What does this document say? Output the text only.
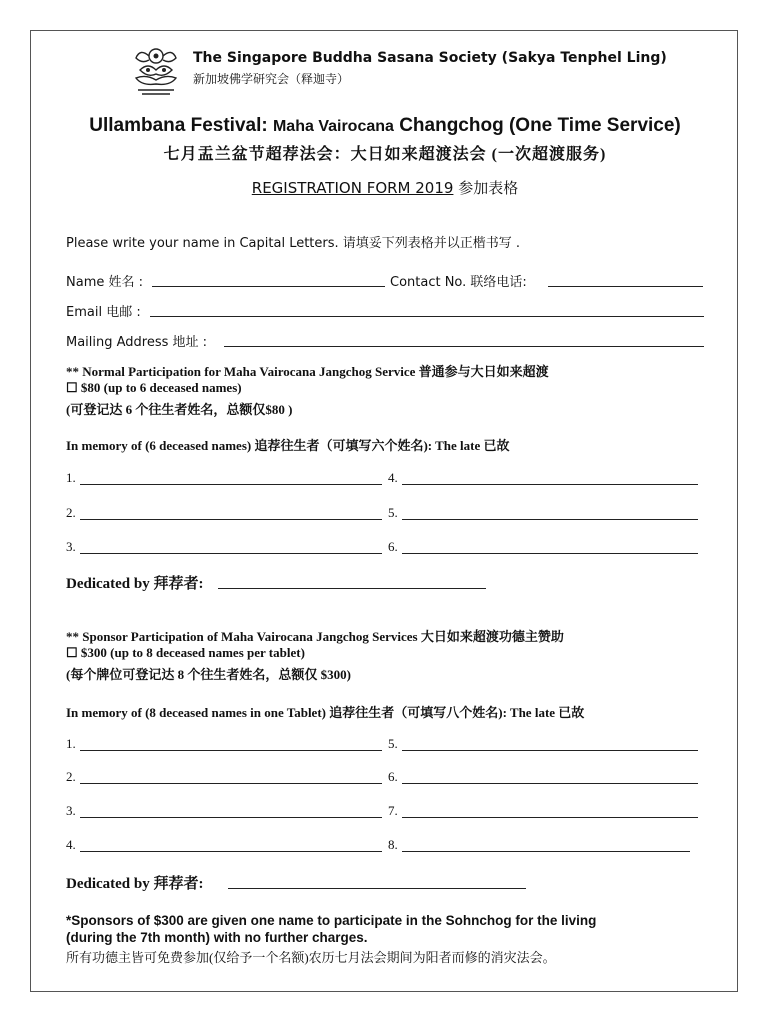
The Singapore Buddha Sasana Society (Sakya Tenphel Ling)
新加坡佛学研究会（释迦寺）
Ullambana Festival: Maha Vairocana Changchog (One Time Service)
七月盂兰盆节超荐法会：大日如来超渡法会 (一次超渡服务)
REGISTRATION FORM 2019 参加表格
Please write your name in Capital Letters. 请填妥下列表格并以正楷书写 .
Name 姓名 :	Contact No. 联络电话:
Email 电邮 :
Mailing Address 地址 :
** Normal Participation for Maha Vairocana Jangchog Service 普通参与大日如来超渡
☐ $80 (up to 6 deceased names)
(可登记达 6 个往生者姓名，总额仅$80 )
In memory of (6 deceased names) 追荐往生者（可填写六个姓名): The late 已故
1.	4.
2.	5.
3.	6.
Dedicated by 拜荐者:
** Sponsor Participation of Maha Vairocana Jangchog Services 大日如来超渡功德主赞助
☐ $300 (up to 8 deceased names per tablet)
(每个牌位可登记达 8 个往生者姓名，总额仅 $300)
In memory of (8 deceased names in one Tablet) 追荐往生者（可填写八个姓名): The late 已故
1.	5.
2.	6.
3.	7.
4.	8.
Dedicated by 拜荐者:
*Sponsors of $300 are given one name to participate in the Sohnchog for the living
(during the 7th month) with no further charges.
所有功德主皆可免费参加(仅给予一个名额)农历七月法会期间为阳者而修的消灾法会。
